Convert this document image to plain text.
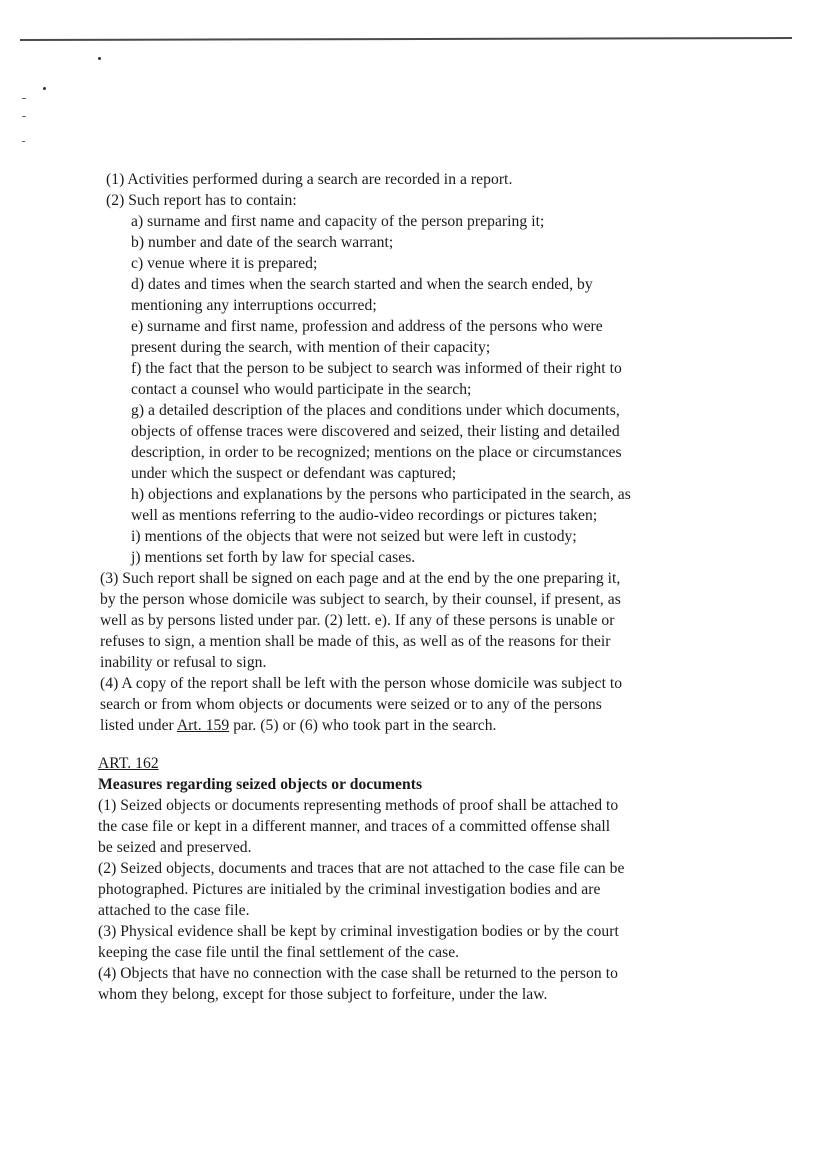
(1) Activities performed during a search are recorded in a report.
(2) Such report has to contain:
a) surname and first name and capacity of the person preparing it;
b) number and date of the search warrant;
c) venue where it is prepared;
d) dates and times when the search started and when the search ended, by
mentioning any interruptions occurred;
e) surname and first name, profession and address of the persons who were
present during the search, with mention of their capacity;
f) the fact that the person to be subject to search was informed of their right to
contact a counsel who would participate in the search;
g) a detailed description of the places and conditions under which documents,
objects of offense traces were discovered and seized, their listing and detailed
description, in order to be recognized; mentions on the place or circumstances
under which the suspect or defendant was captured;
h) objections and explanations by the persons who participated in the search, as
well as mentions referring to the audio-video recordings or pictures taken;
i) mentions of the objects that were not seized but were left in custody;
j) mentions set forth by law for special cases.
(3) Such report shall be signed on each page and at the end by the one preparing it,
by the person whose domicile was subject to search, by their counsel, if present, as
well as by persons listed under par. (2) lett. e). If any of these persons is unable or
refuses to sign, a mention shall be made of this, as well as of the reasons for their
inability or refusal to sign.
(4) A copy of the report shall be left with the person whose domicile was subject to
search or from whom objects or documents were seized or to any of the persons
listed under Art. 159 par. (5) or (6) who took part in the search.
ART. 162
Measures regarding seized objects or documents
(1) Seized objects or documents representing methods of proof shall be attached to
the case file or kept in a different manner, and traces of a committed offense shall
be seized and preserved.
(2) Seized objects, documents and traces that are not attached to the case file can be
photographed. Pictures are initialed by the criminal investigation bodies and are
attached to the case file.
(3) Physical evidence shall be kept by criminal investigation bodies or by the court
keeping the case file until the final settlement of the case.
(4) Objects that have no connection with the case shall be returned to the person to
whom they belong, except for those subject to forfeiture, under the law.
